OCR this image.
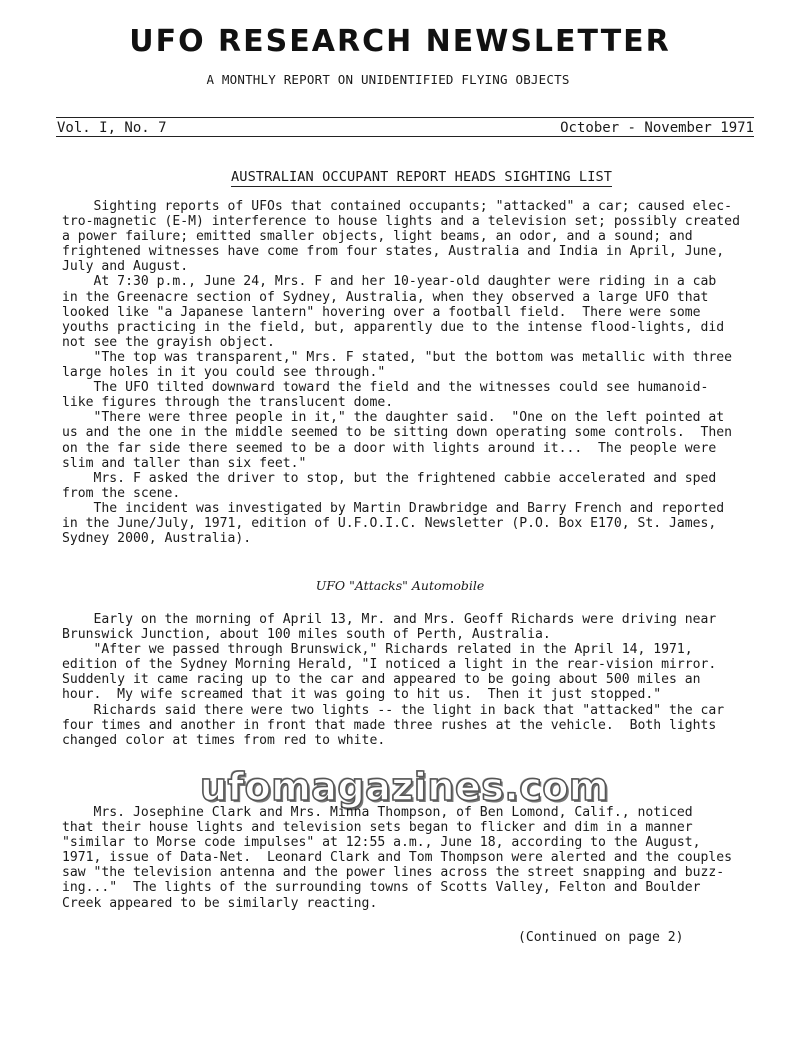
UFO RESEARCH NEWSLETTER
A MONTHLY REPORT ON UNIDENTIFIED FLYING OBJECTS
Vol. I, No. 7	October - November 1971
AUSTRALIAN OCCUPANT REPORT HEADS SIGHTING LIST
Sighting reports of UFOs that contained occupants; "attacked" a car; caused elec-
tro-magnetic (E-M) interference to house lights and a television set; possibly created
a power failure; emitted smaller objects, light beams, an odor, and a sound; and
frightened witnesses have come from four states, Australia and India in April, June,
July and August.
At 7:30 p.m., June 24, Mrs. F and her 10-year-old daughter were riding in a cab
in the Greenacre section of Sydney, Australia, when they observed a large UFO that
looked like "a Japanese lantern" hovering over a football field.  There were some
youths practicing in the field, but, apparently due to the intense flood-lights, did
not see the grayish object.
"The top was transparent," Mrs. F stated, "but the bottom was metallic with three
large holes in it you could see through."
The UFO tilted downward toward the field and the witnesses could see humanoid-
like figures through the translucent dome.
"There were three people in it," the daughter said.  "One on the left pointed at
us and the one in the middle seemed to be sitting down operating some controls.  Then
on the far side there seemed to be a door with lights around it...  The people were
slim and taller than six feet."
Mrs. F asked the driver to stop, but the frightened cabbie accelerated and sped
from the scene.
The incident was investigated by Martin Drawbridge and Barry French and reported
in the June/July, 1971, edition of U.F.O.I.C. Newsletter (P.O. Box E170, St. James,
Sydney 2000, Australia).
UFO "Attacks" Automobile
Early on the morning of April 13, Mr. and Mrs. Geoff Richards were driving near
Brunswick Junction, about 100 miles south of Perth, Australia.
"After we passed through Brunswick," Richards related in the April 14, 1971,
edition of the Sydney Morning Herald, "I noticed a light in the rear-vision mirror.
Suddenly it came racing up to the car and appeared to be going about 500 miles an
hour.  My wife screamed that it was going to hit us.  Then it just stopped."
Richards said there were two lights -- the light in back that "attacked" the car
four times and another in front that made three rushes at the vehicle.  Both lights
changed color at times from red to white.
ufomagazines.com
Mrs. Josephine Clark and Mrs. Minna Thompson, of Ben Lomond, Calif., noticed
that their house lights and television sets began to flicker and dim in a manner
"similar to Morse code impulses" at 12:55 a.m., June 18, according to the August,
1971, issue of Data-Net.  Leonard Clark and Tom Thompson were alerted and the couples
saw "the television antenna and the power lines across the street snapping and buzz-
ing..."  The lights of the surrounding towns of Scotts Valley, Felton and Boulder
Creek appeared to be similarly reacting.
(Continued on page 2)
